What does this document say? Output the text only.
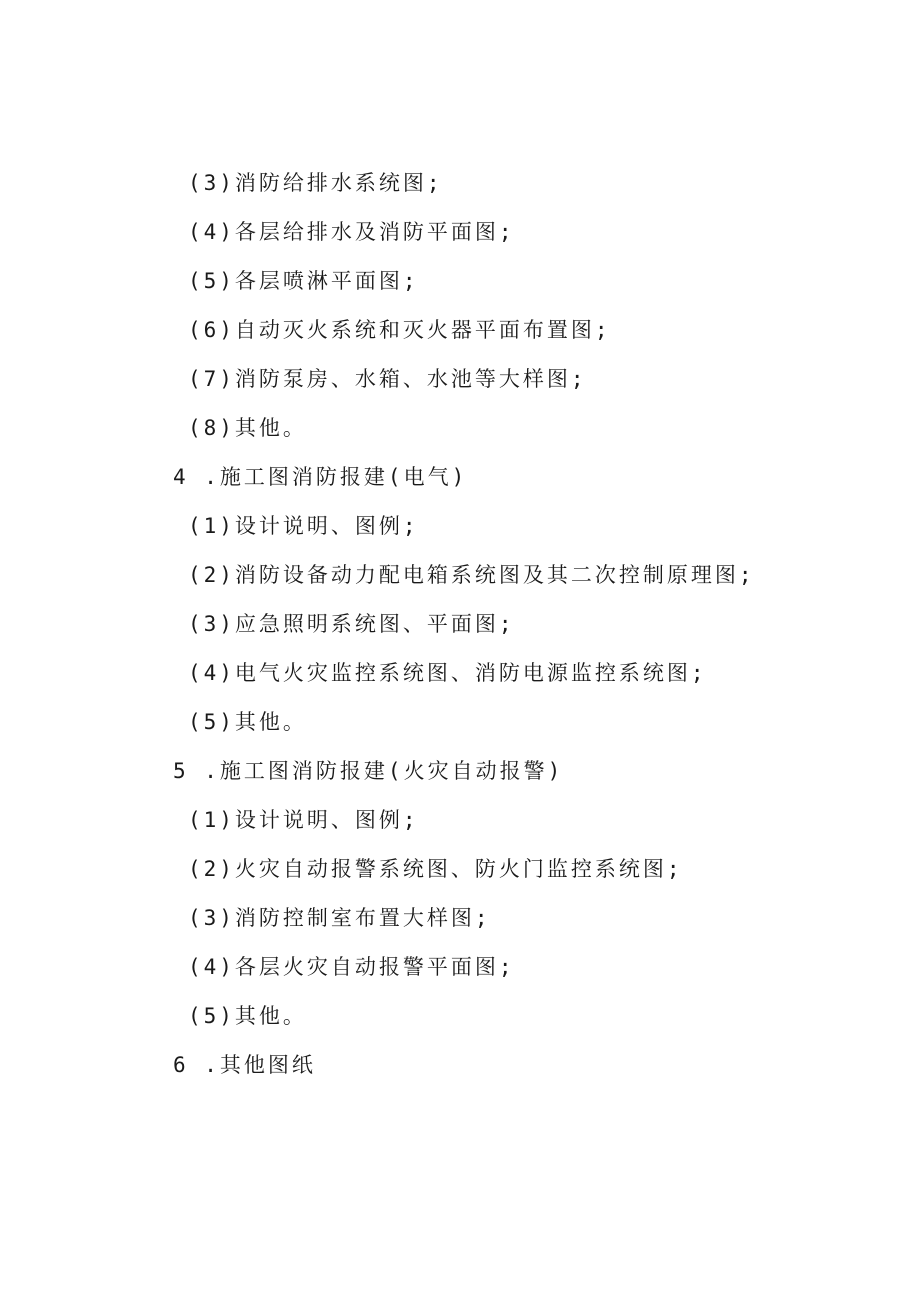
(3)消防给排水系统图;
(4)各层给排水及消防平面图;
(5)各层喷淋平面图;
(6)自动灭火系统和灭火器平面布置图;
(7)消防泵房、水箱、水池等大样图;
(8)其他。
4 .施工图消防报建(电气)
(1)设计说明、图例;
(2)消防设备动力配电箱系统图及其二次控制原理图;
(3)应急照明系统图、平面图;
(4)电气火灾监控系统图、消防电源监控系统图;
(5)其他。
5 .施工图消防报建(火灾自动报警)
(1)设计说明、图例;
(2)火灾自动报警系统图、防火门监控系统图;
(3)消防控制室布置大样图;
(4)各层火灾自动报警平面图;
(5)其他。
6 .其他图纸
